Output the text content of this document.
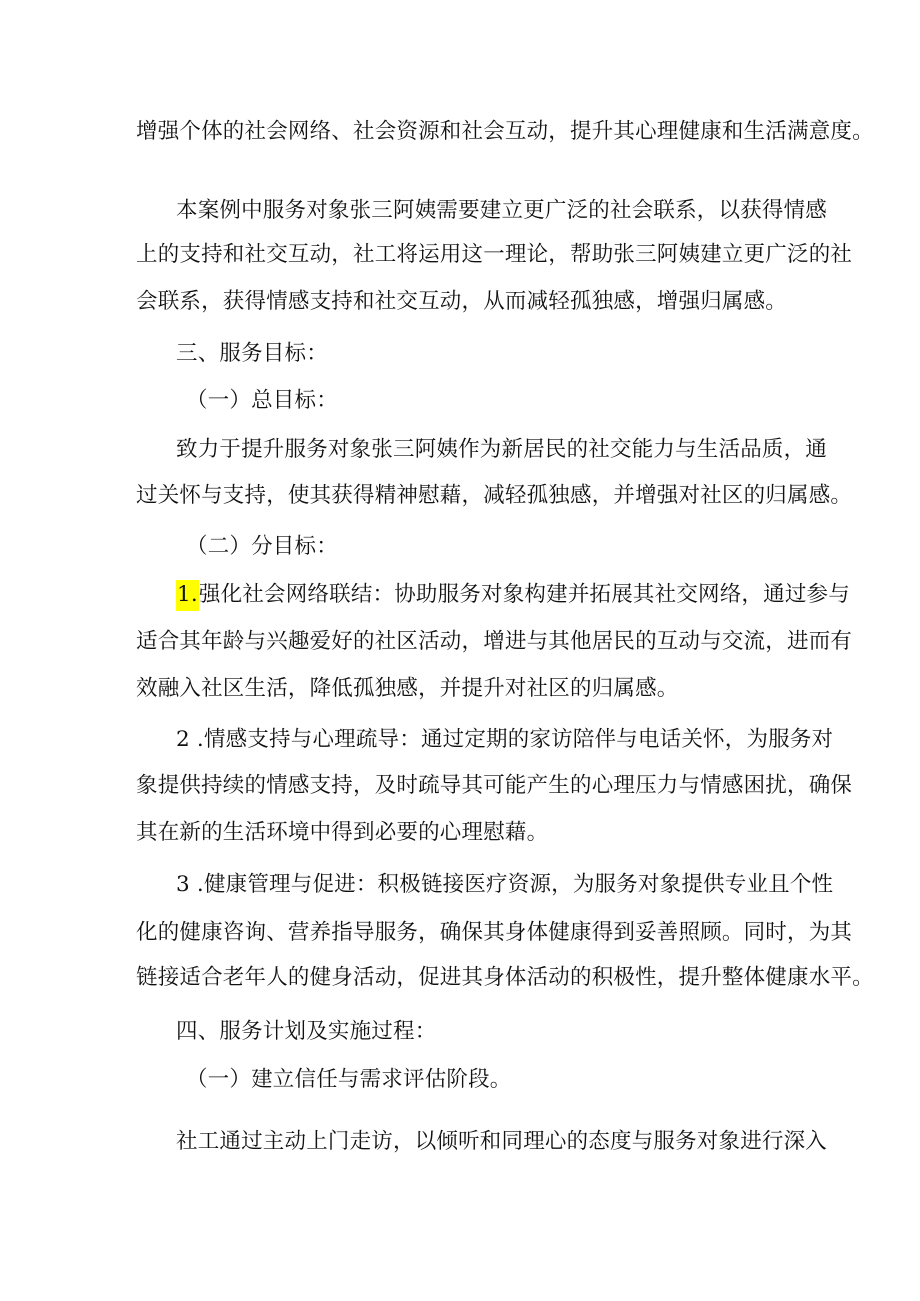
增强个体的社会网络、社会资源和社会互动，提升其心理健康和生活满意度。
本案例中服务对象张三阿姨需要建立更广泛的社会联系，以获得情感
上的支持和社交互动，社工将运用这一理论，帮助张三阿姨建立更广泛的社
会联系，获得情感支持和社交互动，从而减轻孤独感，增强归属感。
三、服务目标：
（一）总目标：
致力于提升服务对象张三阿姨作为新居民的社交能力与生活品质，通
过关怀与支持，使其获得精神慰藉，减轻孤独感，并增强对社区的归属感。
（二）分目标：
1.强化社会网络联结：协助服务对象构建并拓展其社交网络，通过参与
适合其年龄与兴趣爱好的社区活动，增进与其他居民的互动与交流，进而有
效融入社区生活，降低孤独感，并提升对社区的归属感。
2 .情感支持与心理疏导：通过定期的家访陪伴与电话关怀，为服务对
象提供持续的情感支持，及时疏导其可能产生的心理压力与情感困扰，确保
其在新的生活环境中得到必要的心理慰藉。
3 .健康管理与促进：积极链接医疗资源，为服务对象提供专业且个性
化的健康咨询、营养指导服务，确保其身体健康得到妥善照顾。同时，为其
链接适合老年人的健身活动，促进其身体活动的积极性，提升整体健康水平。
四、服务计划及实施过程：
（一）建立信任与需求评估阶段。
社工通过主动上门走访，以倾听和同理心的态度与服务对象进行深入
